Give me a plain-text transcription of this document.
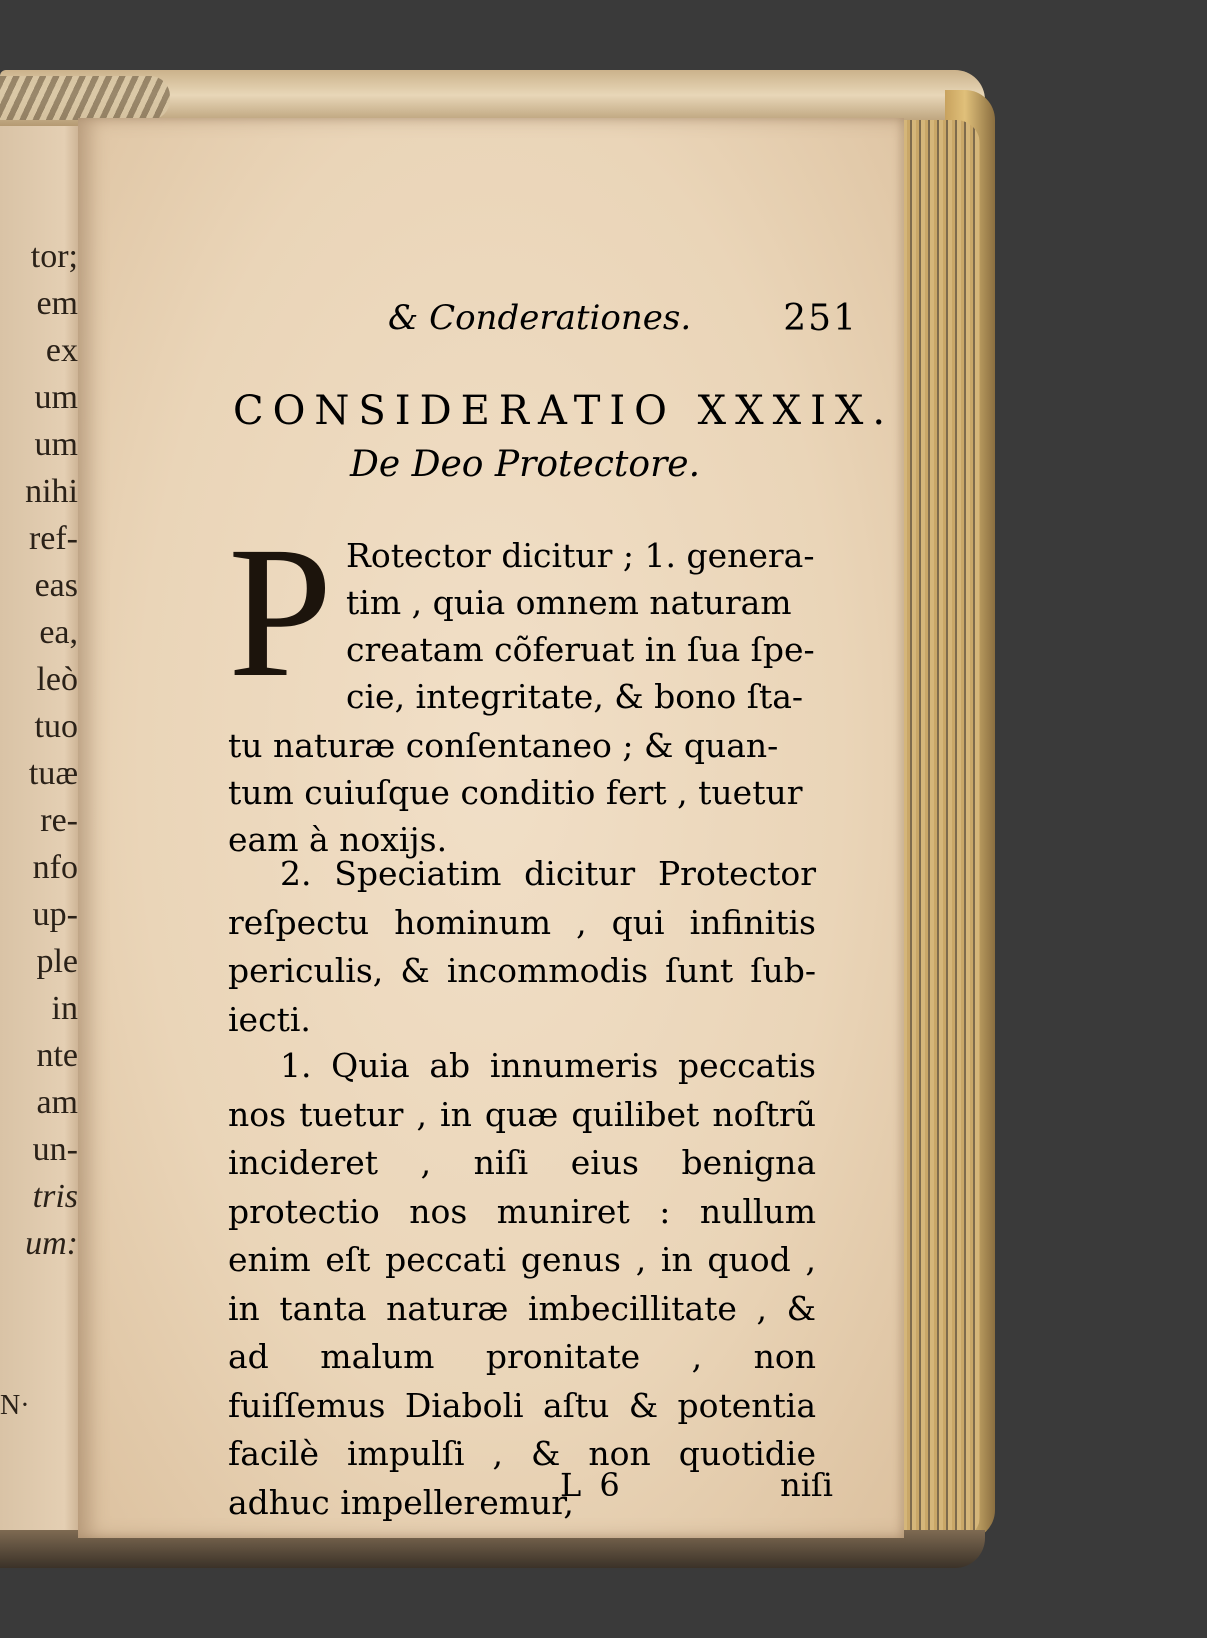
N·
tor;
em
ex
um
um
nihi
ref-
eas
ea,
leò
tuo
tuæ
re-
nfo
up-
ple
in
nte
am
un-
tris
um:
& Conderationes.	251
CONSIDERATIO XXXIX.
De Deo Protectore.
P Rotector dicitur ; 1. genera-
tim , quia omnem naturam
creatam cõferuat in ſua ſpe-
cie, integritate, & bono ſta-
tu naturæ conſentaneo ; & quan-
tum cuiuſque conditio fert , tuetur
eam à noxijs.
2. Speciatim dicitur Protector reſpectu hominum , qui infinitis periculis, & incommodis ſunt ſub-iecti.
1. Quia ab innumeris peccatis nos tuetur , in quæ quilibet noſtrũ incideret , niſi eius benigna protectio nos muniret : nullum enim eſt peccati genus , in quod , in tanta naturæ imbecillitate , & ad malum pronitate , non fuiſſemus Diaboli aſtu & potentia facilè impulſi , & non quotidie adhuc impelleremur,
L 6	niſi
